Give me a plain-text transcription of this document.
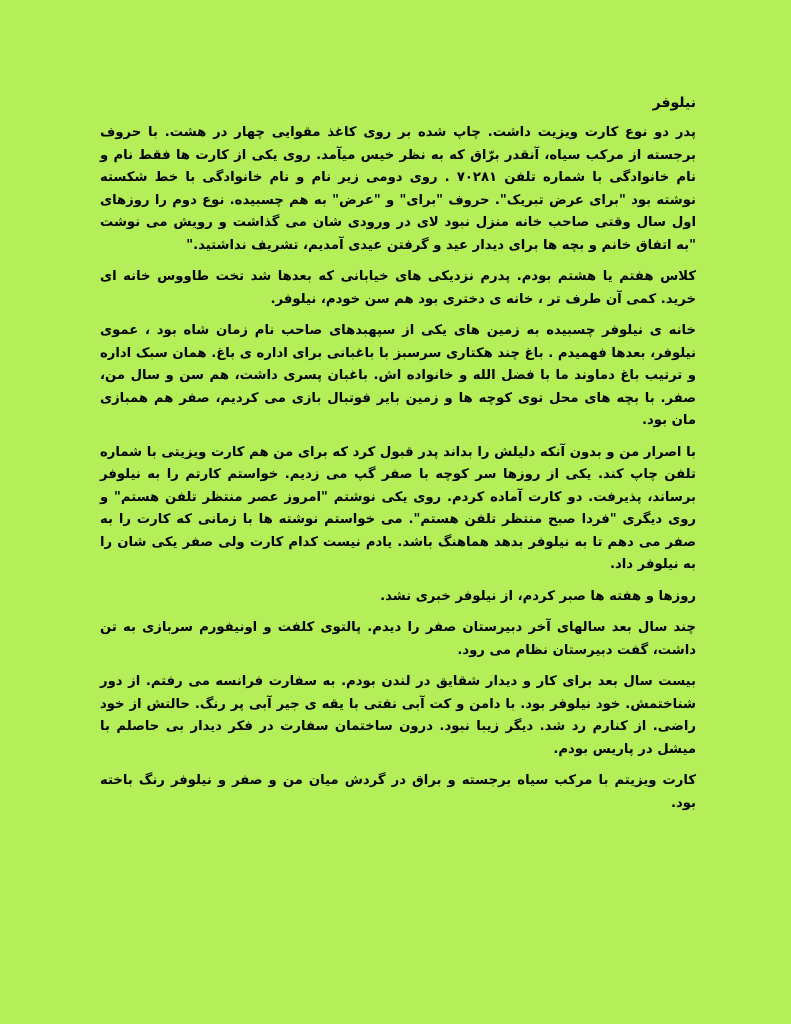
نیلوفر

پدر دو نوع کارت ویزیت داشت. چاپ شده بر روی کاغذ مقوایی چهار در هشت. با حروف برجسته از مرکب سیاه، آنقدر برّاق که به نظر خیس میآمد. روی یکی از کارت ها فقط نام و نام خانوادگی با شماره تلفن ۷۰۲۸۱ . روی دومی زیر نام و نام خانوادگی با خط شکسته نوشته بود "برای عرض تبریک". حروف "برای" و "عرض" به هم چسبیده. نوع دوم را روزهای اول سال وقتی صاحب خانه منزل نبود لای در ورودی شان می گذاشت و رویش می نوشت "به اتفاق خانم و بچه ها برای دیدار عید و گرفتن عیدی آمدیم، تشریف نداشتید."

کلاس هفتم یا هشتم بودم. پدرم نزدیکی های خیابانی که بعدها شد تخت طاووس خانه ای خرید. کمی آن طرف تر ، خانه ی دختری بود هم سن خودم، نیلوفر.

خانه ی نیلوفر چسبیده به زمین های یکی از سپهبدهای صاحب نام زمان شاه بود ، عموی نیلوفر، بعدها فهمیدم . باغ چند هکتاری سرسبز با باغبانی برای اداره ی باغ. همان سبک اداره و ترتیب باغ دماوند ما با فضل الله و خانواده اش. باغبان پسری داشت، هم سن و سال من، صفر. با بچه های محل توی کوچه ها و زمین بایر فوتبال بازی می کردیم، صفر هم همبازی مان بود.

با اصرار من و بدون آنکه دلیلش را بداند پدر قبول کرد که برای من هم کارت ویزیتی با شماره تلفن چاپ کند. یکی از روزها سر کوچه با صفر گپ می زدیم. خواستم کارتم را به نیلوفر برساند، پذیرفت. دو کارت آماده کردم. روی یکی نوشتم "امروز عصر منتظر تلفن هستم" و روی دیگری "فردا صبح منتظر تلفن هستم". می خواستم نوشته ها با زمانی که کارت را به صفر می دهم تا به نیلوفر بدهد هماهنگ باشد. یادم نیست کدام کارت ولی صفر یکی شان را به نیلوفر داد.

روزها و هفته ها صبر کردم، از نیلوفر خبری نشد.

چند سال بعد سالهای آخر دبیرستان صفر را دیدم. پالتوی کلفت و اونیفورم سربازی به تن داشت، گفت دبیرستان نظام می رود.

بیست سال بعد برای کار و دیدار شقایق در لندن بودم. به سفارت فرانسه می رفتم. از دور شناختمش. خود نیلوفر بود. با دامن و کت آبی نفتی با یقه ی جیر آبی پر رنگ. حالتش از خود راضی. از کنارم رد شد. دیگر زیبا نبود. درون ساختمان سفارت در فکر دیدار بی حاصلم با میشل در پاریس بودم.

کارت ویزیتم با مرکب سیاه برجسته و براق در گردش میان من و صفر و نیلوفر رنگ باخته بود.
